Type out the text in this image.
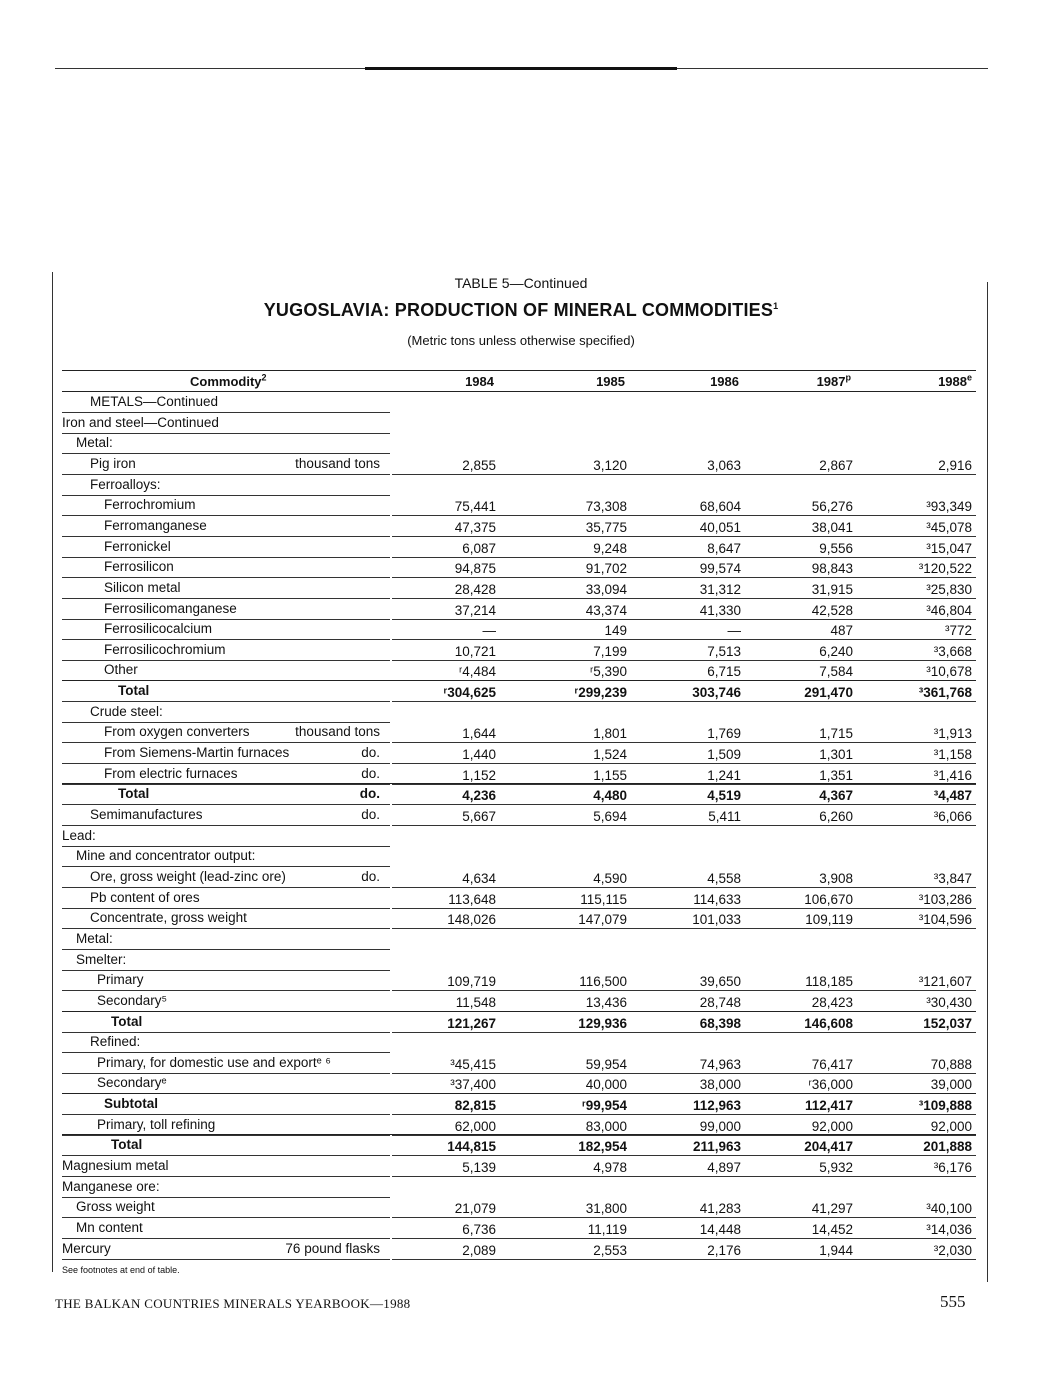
TABLE 5—Continued
YUGOSLAVIA: PRODUCTION OF MINERAL COMMODITIES$^1$
(Metric tons unless otherwise specified)
Commodity$^2$	1984	1985	1986	1987$^p$	1988e
METALS—Continued
Iron and steel—Continued
Metal:
Pig iron	thousand tons	2,855	3,120	3,063	2,867	2,916
Ferroalloys:
Ferrochromium	75,441	73,308	68,604	56,276	³93,349
Ferromanganese	47,375	35,775	40,051	38,041	³45,078
Ferronickel	6,087	9,248	8,647	9,556	³15,047
Ferrosilicon	94,875	91,702	99,574	98,843	³120,522
Silicon metal	28,428	33,094	31,312	31,915	³25,830
Ferrosilicomanganese	37,214	43,374	41,330	42,528	³46,804
Ferrosilicocalcium	—	149	—	487	³772
Ferrosilicochromium	10,721	7,199	7,513	6,240	³3,668
Other	ʳ4,484	ʳ5,390	6,715	7,584	³10,678
Total	ʳ304,625	ʳ299,239	303,746	291,470	³361,768
Crude steel:
From oxygen converters	thousand tons	1,644	1,801	1,769	1,715	³1,913
From Siemens-Martin furnaces	do.	1,440	1,524	1,509	1,301	³1,158
From electric furnaces	do.	1,152	1,155	1,241	1,351	³1,416
Total	do.	4,236	4,480	4,519	4,367	³4,487
Semimanufactures	do.	5,667	5,694	5,411	6,260	³6,066
Lead:
Mine and concentrator output:
Ore, gross weight (lead-zinc ore)	do.	4,634	4,590	4,558	3,908	³3,847
Pb content of ores	113,648	115,115	114,633	106,670	³103,286
Concentrate, gross weight	148,026	147,079	101,033	109,119	³104,596
Metal:
Smelter:
Primary	109,719	116,500	39,650	118,185	³121,607
Secondary⁵	11,548	13,436	28,748	28,423	³30,430
Total	121,267	129,936	68,398	146,608	152,037
Refined:
Primary, for domestic use and exportᵉ ⁶	³45,415	59,954	74,963	76,417	70,888
Secondaryᵉ	³37,400	40,000	38,000	ʳ36,000	39,000
Subtotal	82,815	ʳ99,954	112,963	112,417	³109,888
Primary, toll refining	62,000	83,000	99,000	92,000	92,000
Total	144,815	182,954	211,963	204,417	201,888
Magnesium metal	5,139	4,978	4,897	5,932	³6,176
Manganese ore:
Gross weight	21,079	31,800	41,283	41,297	³40,100
Mn content	6,736	11,119	14,448	14,452	³14,036
Mercury	76 pound flasks	2,089	2,553	2,176	1,944	³2,030
See footnotes at end of table.
THE BALKAN COUNTRIES MINERALS YEARBOOK—1988	555
